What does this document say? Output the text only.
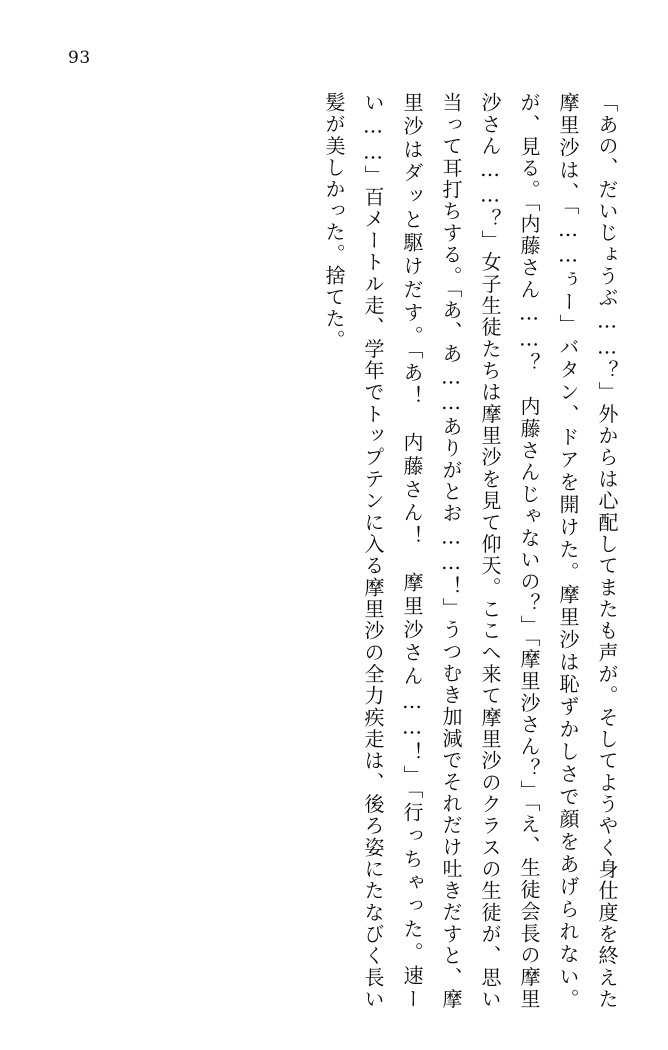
93
「あの、だいじょうぶ……？」外からは心配してまたも声が。そしてようやく身仕度を終えた摩里沙は、「……ぅー」バタン、ドアを開けた。摩里沙は恥ずかしさで顔をあげられない。が、見る。「内藤さん……？　内藤さんじゃないの？」「摩里沙さん？」「え、生徒会長の摩里沙さん……？」女子生徒たちは摩里沙を見て仰天。ここへ来て摩里沙のクラスの生徒が、思い当って耳打ちする。「あ、あ……ありがとお……！」うつむき加減でそれだけ吐きだすと、摩里沙はダッと駆けだす。「あ！　内藤さん！　摩里沙さん……！」「行っちゃった。速ーい……」百メートル走、学年でトップテンに入る摩里沙の全力疾走は、後ろ姿にたなびく長い髪が美しかった。捨てた。
